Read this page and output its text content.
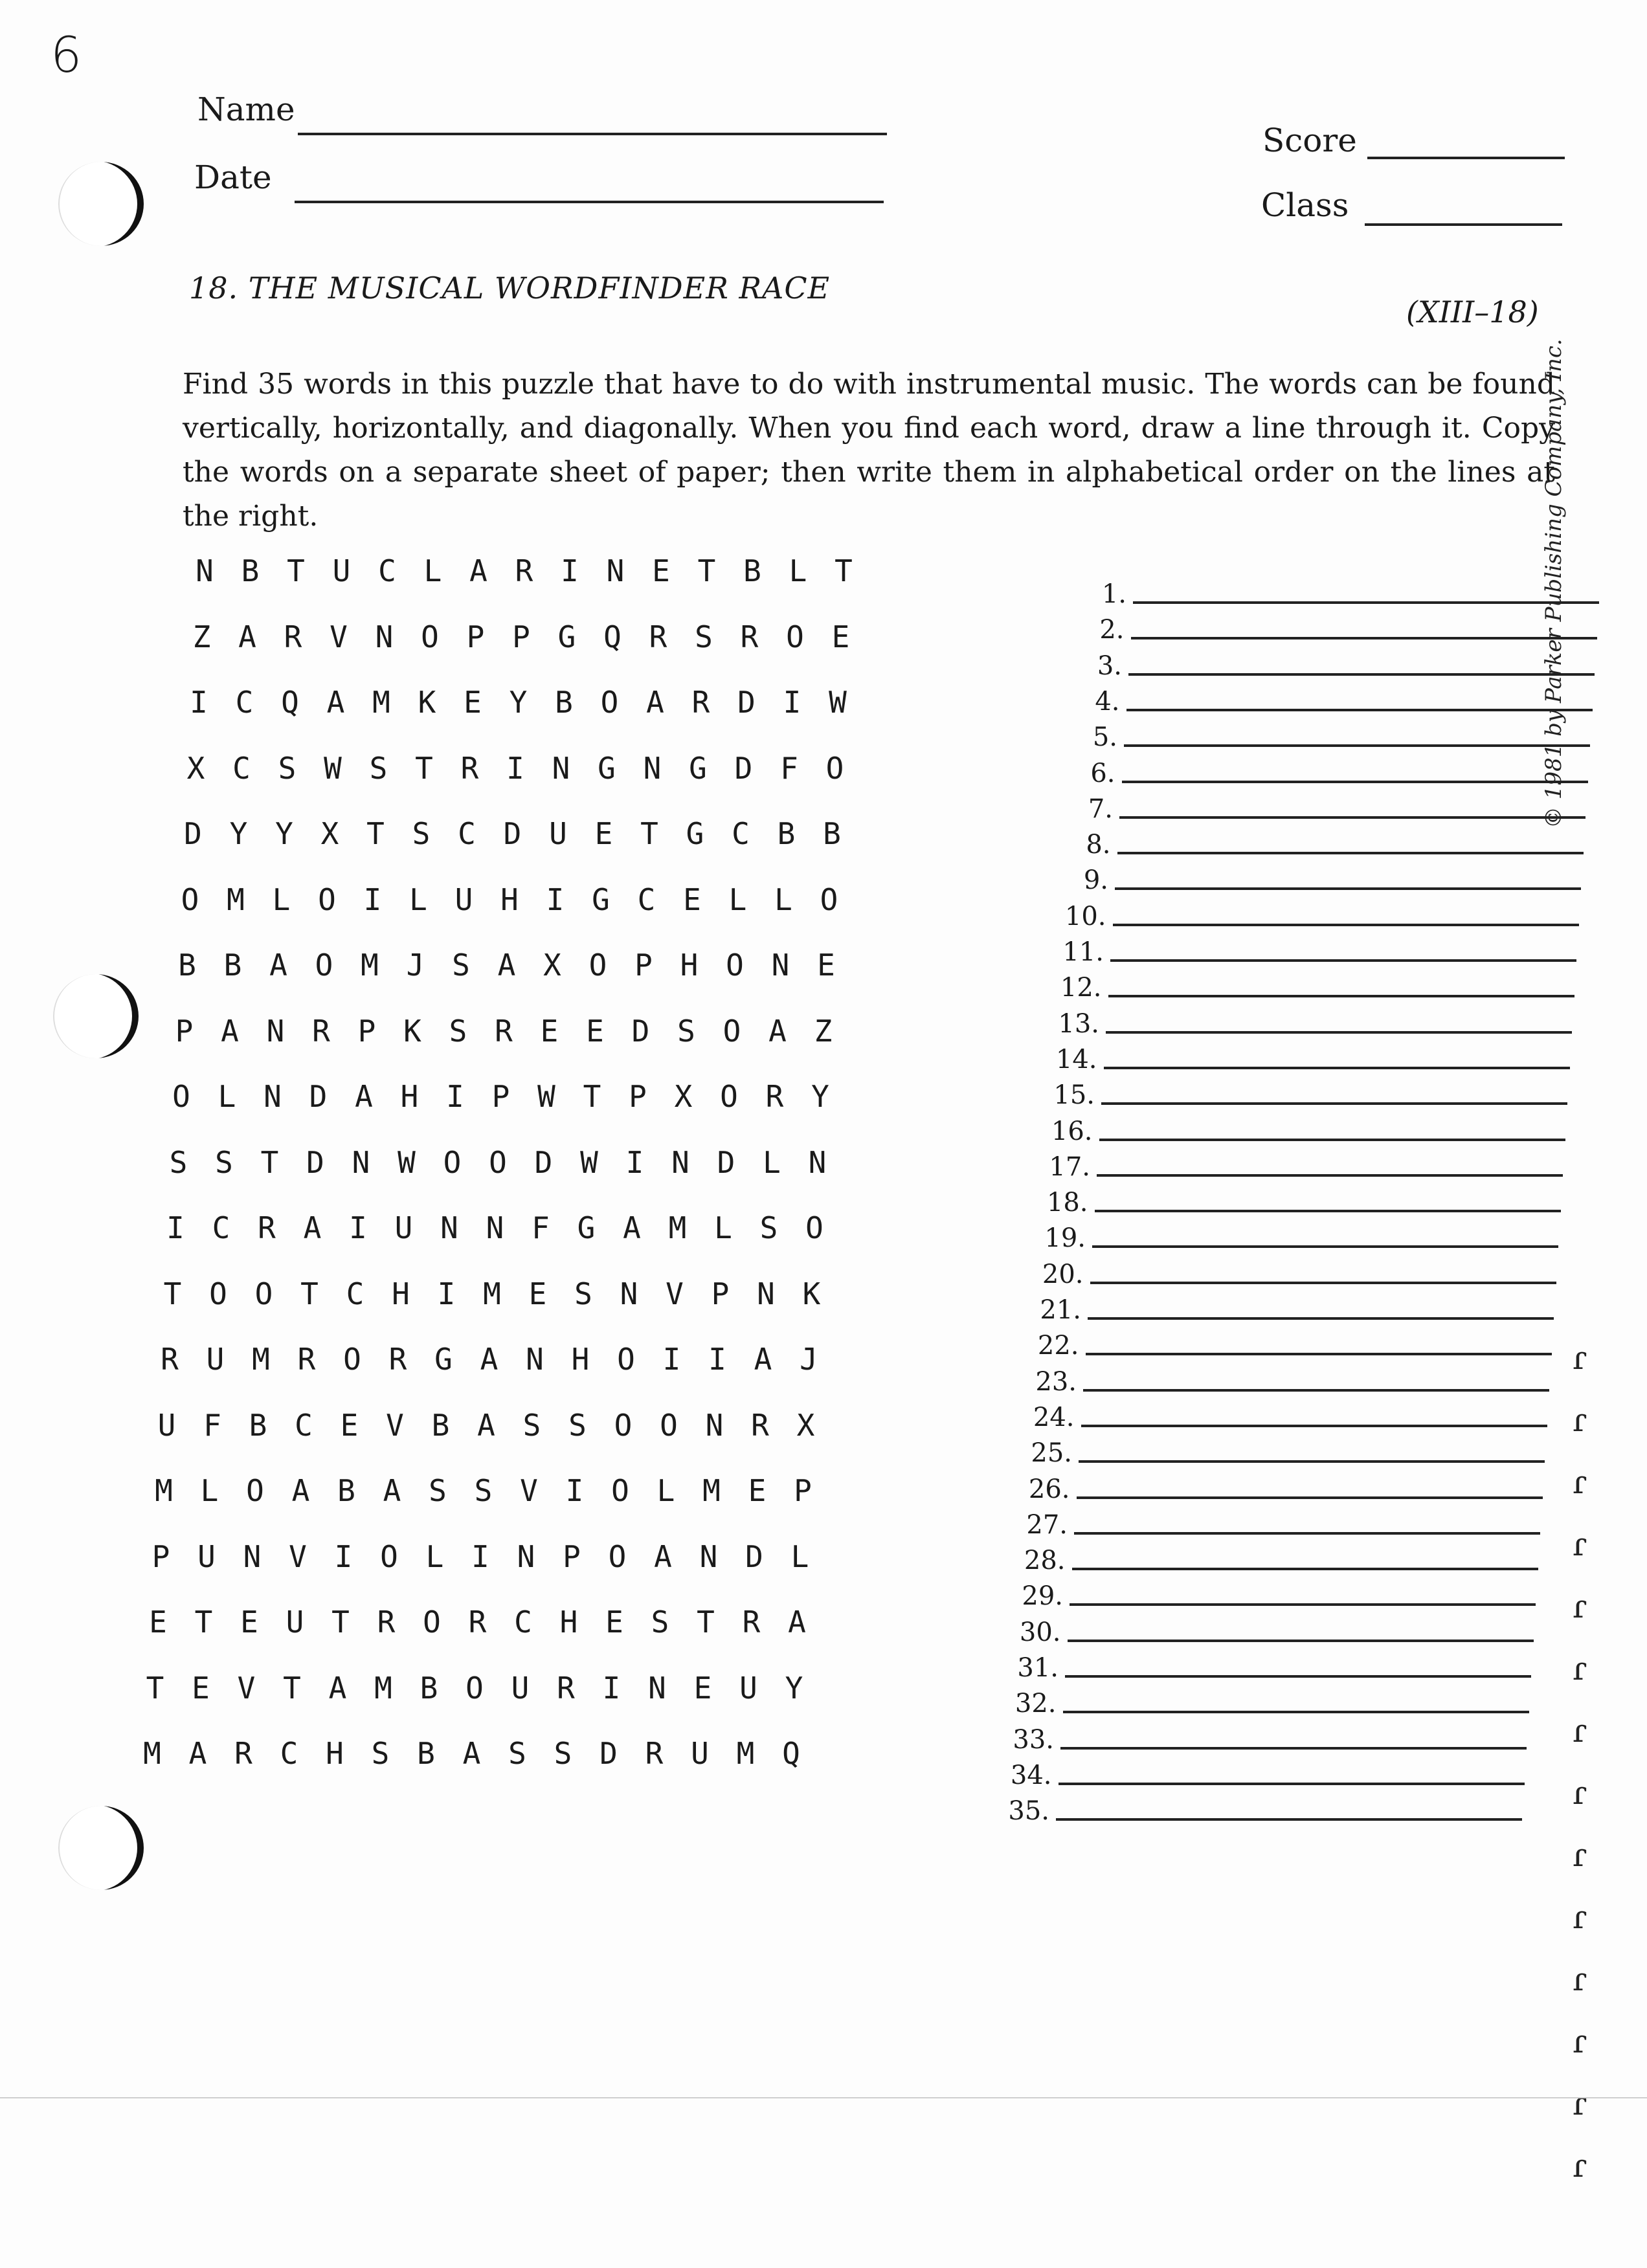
6
Name
Date
Score
Class
18. THE MUSICAL WORDFINDER RACE
(XIII–18)
Find 35 words in this puzzle that have to do with instrumental music. The words can be found vertically, horizontally, and diagonally. When you find each word, draw a line through it. Copy the words on a separate sheet of paper; then write them in alphabetical order on the lines at the right.
N B T U C L A R I N E T B L T
Z A R V N O P P G Q R S R O E
I C Q A M K E Y B O A R D I W
X C S W S T R I N G N G D F O
D Y Y X T S C D U E T G C B B
O M L O I L U H I G C E L L O
B B A O M J S A X O P H O N E
P A N R P K S R E E D S O A Z
O L N D A H I P W T P X O R Y
S S T D N W O O D W I N D L N
I C R A I U N N F G A M L S O
T O O T C H I M E S N V P N K
R U M R O R G A N H O I I A J
U F B C E V B A S S O O N R X
M L O A B A S S V I O L M E P
P U N V I O L I N P O A N D L
E T E U T R O R C H E S T R A
T E V T A M B O U R I N E U Y
M A R C H S B A S S D R U M Q
1.
2.
3.
4.
5.
6.
7.
8.
9.
10.
11.
12.
13.
14.
15.
16.
17.
18.
19.
20.
21.
22.
23.
24.
25.
26.
27.
28.
29.
30.
31.
32.
33.
34.
35.
© 1981 by Parker Publishing Company, Inc.
ɾ
ɾ
ɾ
ɾ
ɾ
ɾ
ɾ
ɾ
ɾ
ɾ
ɾ
ɾ
ɾ
ɾ
